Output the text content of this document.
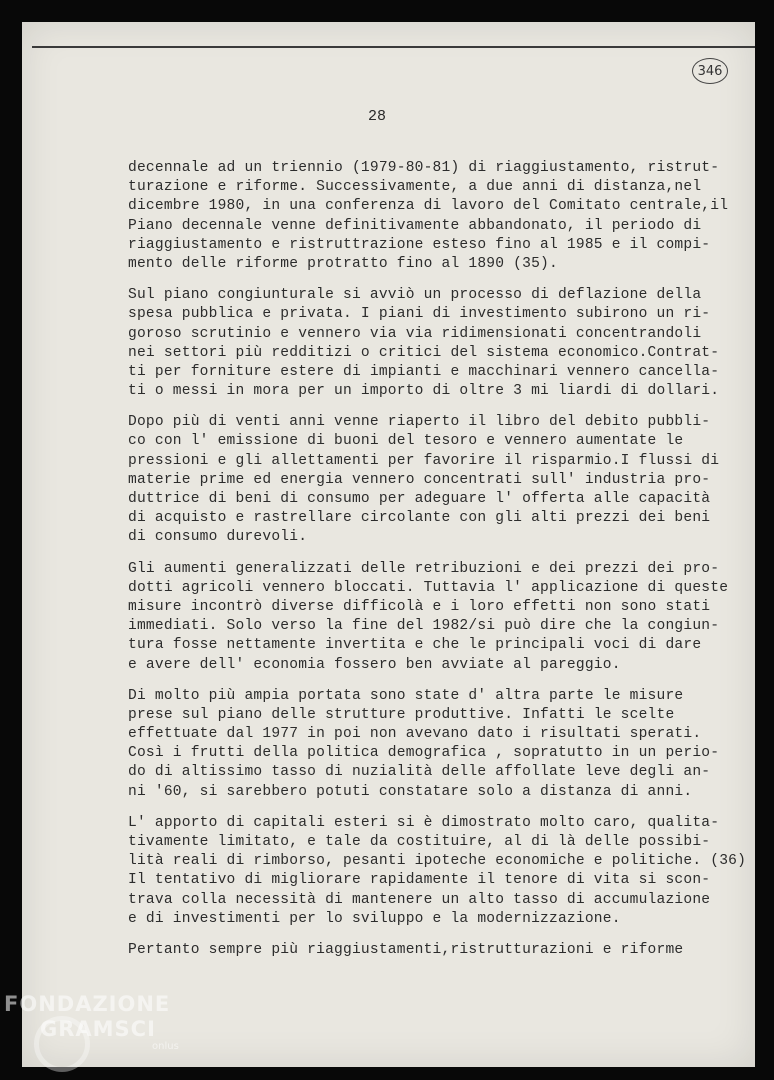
346
28

decennale ad un triennio (1979-80-81) di riaggiustamento, ristrut-
turazione e riforme. Successivamente, a due anni di distanza,nel
dicembre 1980, in una conferenza di lavoro del Comitato centrale,il
Piano decennale venne definitivamente abbandonato, il periodo di
riaggiustamento e ristruttrazione esteso fino al 1985 e il compi-
mento delle riforme protratto fino al 1890 (35).

Sul piano congiunturale si avviò un processo di deflazione della
spesa pubblica e privata. I piani di investimento subirono un ri-
goroso scrutinio e vennero via via ridimensionati concentrandoli
nei settori più redditizi o critici del sistema economico.Contrat-
ti per forniture estere di impianti e macchinari vennero cancella-
ti o messi in mora per un importo di oltre 3 mi liardi di dollari.

Dopo più di venti anni venne riaperto il libro del debito pubbli-
co con l' emissione di buoni del tesoro e vennero aumentate le
pressioni e gli allettamenti per favorire il risparmio.I flussi di
materie prime ed energia vennero concentrati sull' industria pro-
duttrice di beni di consumo per adeguare l' offerta alle capacità
di acquisto e rastrellare circolante con gli alti prezzi dei beni
di consumo durevoli.

Gli aumenti generalizzati delle retribuzioni e dei prezzi dei pro-
dotti agricoli vennero bloccati. Tuttavia l' applicazione di queste
misure incontrò diverse difficolà e i loro effetti non sono stati
immediati. Solo verso la fine del 1982/si può dire che la congiun-
tura fosse nettamente invertita e che le principali voci di dare
e avere dell' economia fossero ben avviate al pareggio.

Di molto più ampia portata sono state d' altra parte le misure
prese sul piano delle strutture produttive. Infatti le scelte
effettuate dal 1977 in poi non avevano dato i risultati sperati.
Così i frutti della politica demografica , sopratutto in un perio-
do di altissimo tasso di nuzialità delle affollate leve degli an-
ni '60, si sarebbero potuti constatare solo a distanza di anni.

L' apporto di capitali esteri si è dimostrato molto caro, qualita-
tivamente limitato, e tale da costituire, al di là delle possibi-
lità reali di rimborso, pesanti ipoteche economiche e politiche. (36)
Il tentativo di migliorare rapidamente il tenore di vita si scon-
trava colla necessità di mantenere un alto tasso di accumulazione
e di investimenti per lo sviluppo e la modernizzazione.

Pertanto sempre più riaggiustamenti,ristrutturazioni e riforme

FONDAZIONE
GRAMSCI
onlus
